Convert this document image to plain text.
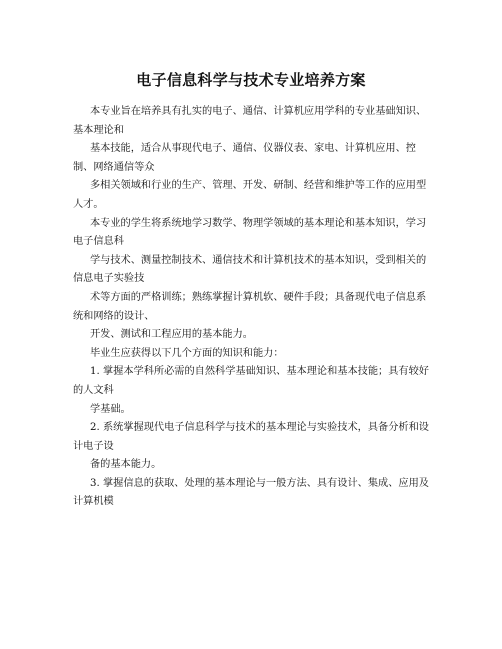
电子信息科学与技术专业培养方案

本专业旨在培养具有扎实的电子、通信、计算机应用学科的专业基础知识、基本理论和

基本技能，适合从事现代电子、通信、仪器仪表、家电、计算机应用、控制、网络通信等众

多相关领域和行业的生产、管理、开发、研制、经营和维护等工作的应用型人才。

本专业的学生将系统地学习数学、物理学领域的基本理论和基本知识，学习电子信息科

学与技术、测量控制技术、通信技术和计算机技术的基本知识，受到相关的信息电子实验技

术等方面的严格训练；熟练掌握计算机软、硬件手段；具备现代电子信息系统和网络的设计、

开发、测试和工程应用的基本能力。

毕业生应获得以下几个方面的知识和能力：

1. 掌握本学科所必需的自然科学基础知识、基本理论和基本技能；具有较好的人文科

学基础。

2. 系统掌握现代电子信息科学与技术的基本理论与实验技术，具备分析和设计电子设

备的基本能力。

3. 掌握信息的获取、处理的基本理论与一般方法、具有设计、集成、应用及计算机模
